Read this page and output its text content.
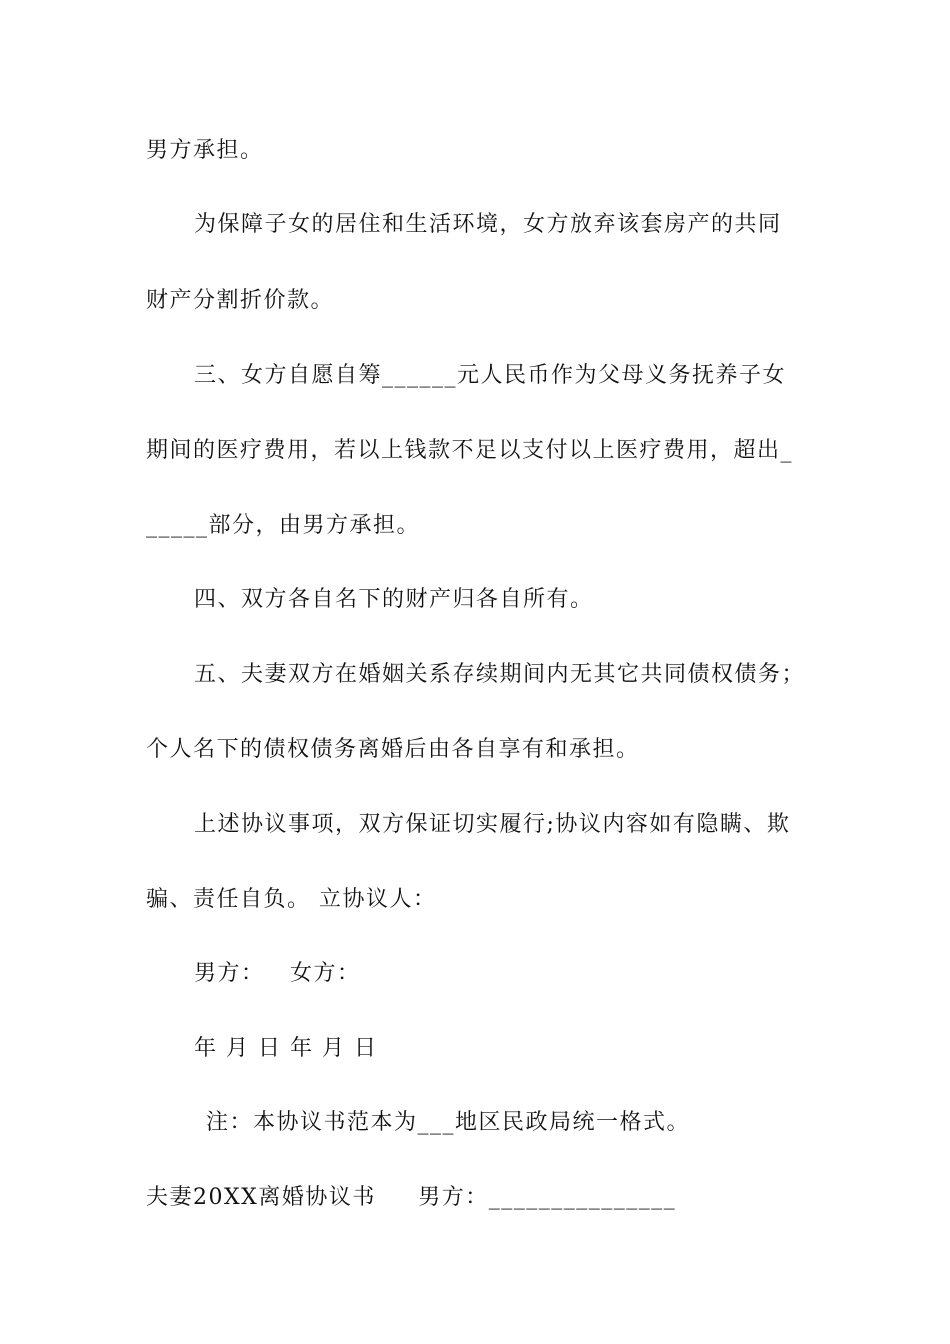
男方承担。
为保障子女的居住和生活环境，女方放弃该套房产的共同
财产分割折价款。
三、女方自愿自筹______元人民币作为父母义务抚养子女
期间的医疗费用，若以上钱款不足以支付以上医疗费用，超出_
_____部分，由男方承担。
四、双方各自名下的财产归各自所有。
五、夫妻双方在婚姻关系存续期间内无其它共同债权债务；
个人名下的债权债务离婚后由各自享有和承担。
上述协议事项，双方保证切实履行;协议内容如有隐瞒、欺
骗、责任自负。 立协议人：
男方：   女方：
年 月 日 年 月 日
注：本协议书范本为___地区民政局统一格式。
夫妻20XX离婚协议书     男方：_______________
